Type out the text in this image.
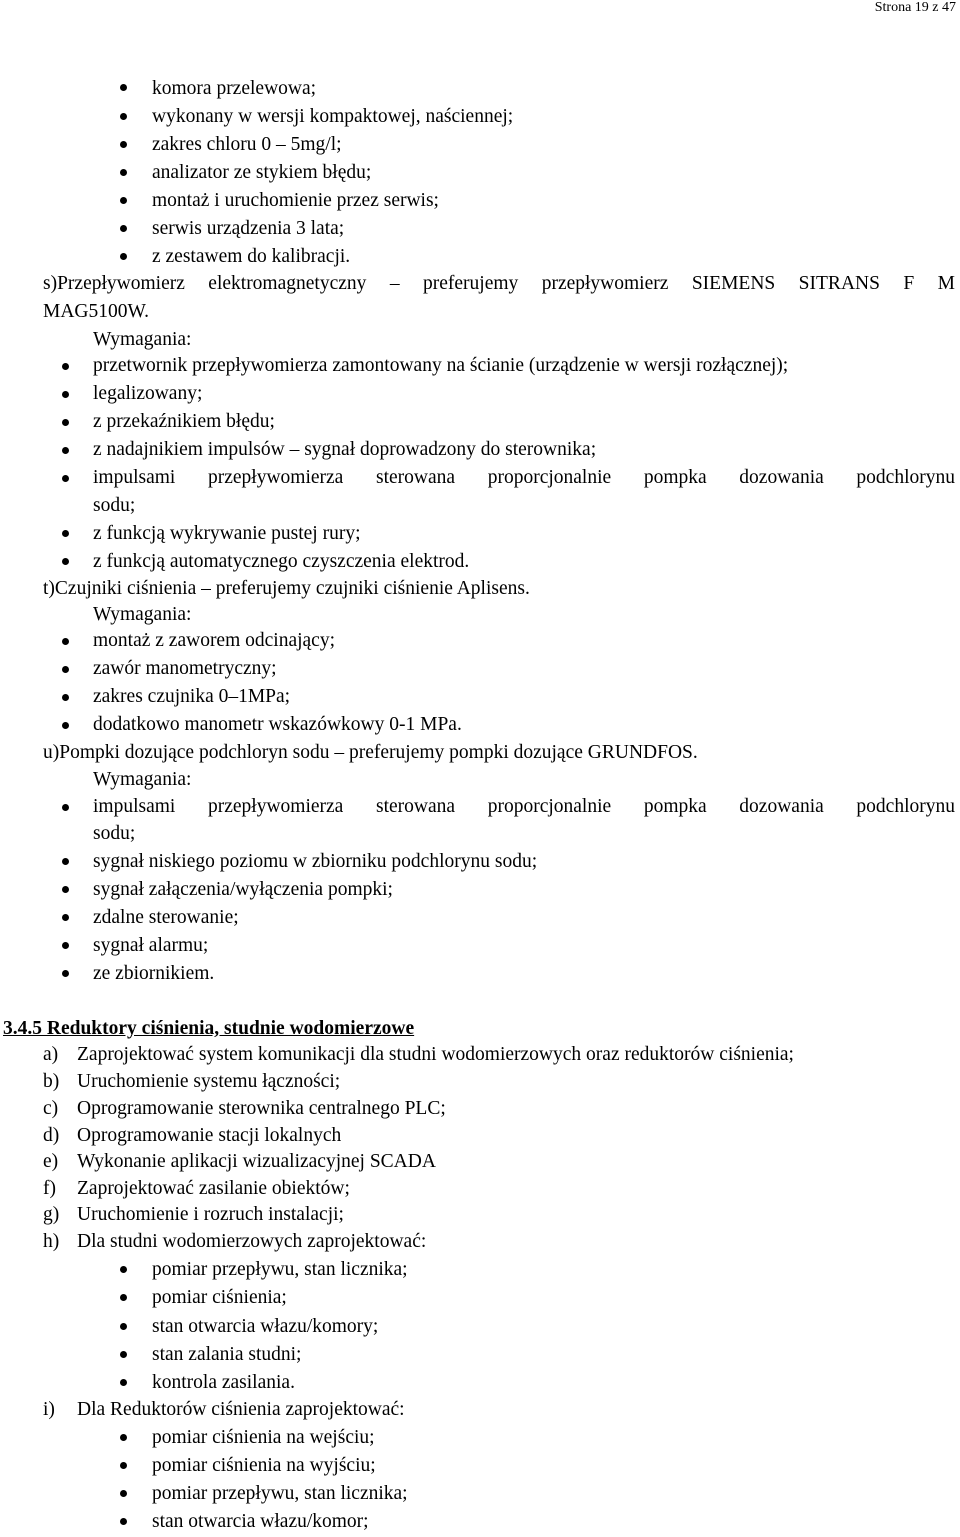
Strona 19 z 47
komora przelewowa;
wykonany w wersji kompaktowej, naściennej;
zakres chloru 0 – 5mg/l;
analizator ze stykiem błędu;
montaż i uruchomienie przez serwis;
serwis urządzenia 3 lata;
z zestawem do kalibracji.
s)Przepływomierz elektromagnetyczny – preferujemy przepływomierz SIEMENS SITRANS F M
MAG5100W.
Wymagania:
przetwornik przepływomierza zamontowany na ścianie (urządzenie w wersji rozłącznej);
legalizowany;
z przekaźnikiem błędu;
z nadajnikiem impulsów – sygnał doprowadzony do sterownika;
impulsami przepływomierza sterowana proporcjonalnie pompka dozowania podchlorynu
sodu;
z funkcją wykrywanie pustej rury;
z funkcją automatycznego czyszczenia elektrod.
t)Czujniki ciśnienia – preferujemy czujniki ciśnienie Aplisens.
Wymagania:
montaż z zaworem odcinający;
zawór manometryczny;
zakres czujnika 0–1MPa;
dodatkowo manometr wskazówkowy 0-1 MPa.
u)Pompki dozujące podchloryn sodu – preferujemy pompki dozujące GRUNDFOS.
Wymagania:
impulsami przepływomierza sterowana proporcjonalnie pompka dozowania podchlorynu
sodu;
sygnał niskiego poziomu w zbiorniku podchlorynu sodu;
sygnał załączenia/wyłączenia pompki;
zdalne sterowanie;
sygnał alarmu;
ze zbiornikiem.
3.4.5 Reduktory ciśnienia, studnie wodomierzowe
a) Zaprojektować system komunikacji dla studni wodomierzowych oraz reduktorów ciśnienia;
b) Uruchomienie systemu łączności;
c) Oprogramowanie sterownika centralnego PLC;
d) Oprogramowanie stacji lokalnych
e) Wykonanie aplikacji wizualizacyjnej SCADA
f) Zaprojektować zasilanie obiektów;
g) Uruchomienie i rozruch instalacji;
h) Dla studni wodomierzowych zaprojektować:
pomiar przepływu, stan licznika;
pomiar ciśnienia;
stan otwarcia włazu/komory;
stan zalania studni;
kontrola zasilania.
i) Dla Reduktorów ciśnienia zaprojektować:
pomiar ciśnienia na wejściu;
pomiar ciśnienia na wyjściu;
pomiar przepływu, stan licznika;
stan otwarcia włazu/komor;
